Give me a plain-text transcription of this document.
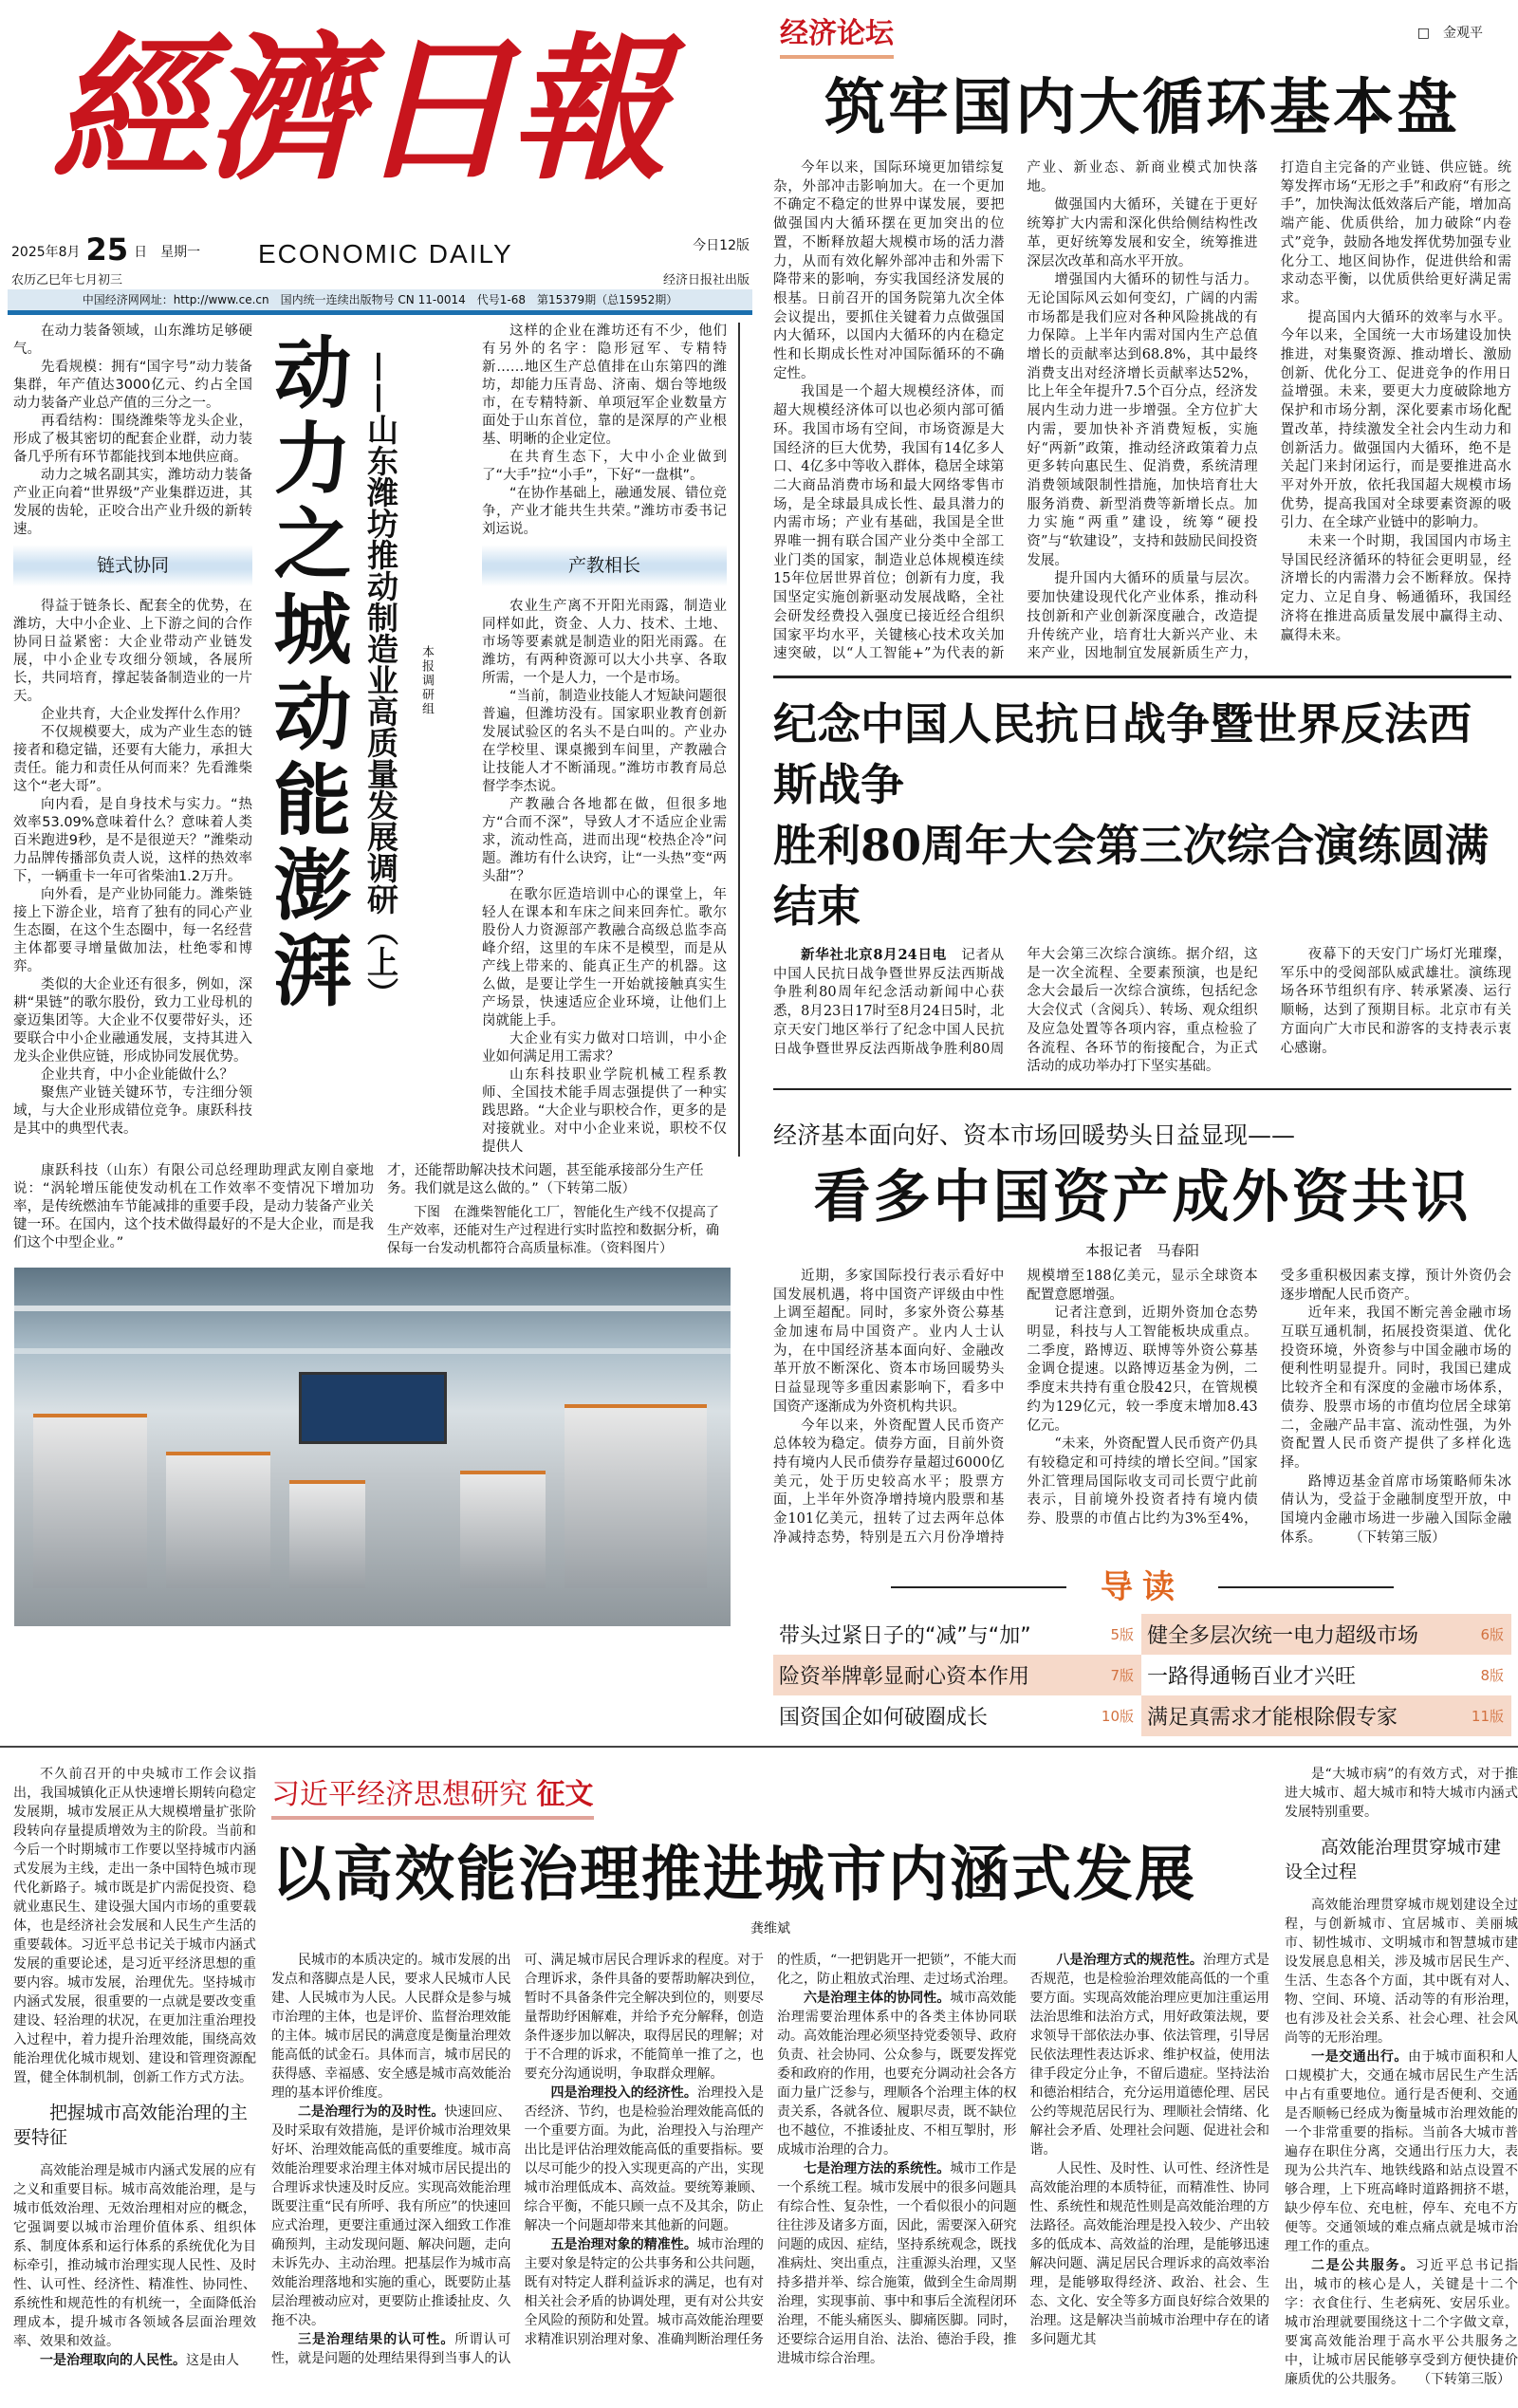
經濟日報
2025年8月 25 日　星期一
农历乙巳年七月初三
ECONOMIC DAILY	今日12版
经济日报社出版
中国经济网网址：http://www.ce.cn　国内统一连续出版物号 CN 11-0014　代号1-68　第15379期（总15952期）

在动力装备领域，山东潍坊足够硬气。

先看规模：拥有“国字号”动力装备集群，年产值达3000亿元、约占全国动力装备产业总产值的三分之一。

再看结构：围绕潍柴等龙头企业，形成了极其密切的配套企业群，动力装备几乎所有环节都能找到本地供应商。

动力之城名副其实，潍坊动力装备产业正向着“世界级”产业集群迈进，其发展的齿轮，正咬合出产业升级的新转速。

链式协同

得益于链条长、配套全的优势，在潍坊，大中小企业、上下游之间的合作协同日益紧密：大企业带动产业链发展，中小企业专攻细分领域，各展所长，共同培育，撑起装备制造业的一片天。

企业共育，大企业发挥什么作用？

不仅规模要大，成为产业生态的链接者和稳定锚，还要有大能力，承担大责任。能力和责任从何而来？先看潍柴这个“老大哥”。

向内看，是自身技术与实力。“热效率53.09%意味着什么？意味着人类百米跑进9秒，是不是很逆天？”潍柴动力品牌传播部负责人说，这样的热效率下，一辆重卡一年可省柴油1.2万升。

向外看，是产业协同能力。潍柴链接上下游企业，培育了独有的同心产业生态圈，在这个生态圈中，每一名经营主体都要寻增量做加法，杜绝零和博弈。

类似的大企业还有很多，例如，深耕“果链”的歌尔股份，致力工业母机的豪迈集团等。大企业不仅要带好头，还要联合中小企业融通发展，支持其进入龙头企业供应链，形成协同发展优势。

企业共育，中小企业能做什么？

聚焦产业链关键环节，专注细分领域，与大企业形成错位竞争。康跃科技是其中的典型代表。

动力之城动能澎湃 ——山东潍坊推动制造业高质量发展调研（上） 本报调研组

这样的企业在潍坊还有不少，他们有另外的名字：隐形冠军、专精特新……地区生产总值排在山东第四的潍坊，却能力压青岛、济南、烟台等地级市，在专精特新、单项冠军企业数量方面处于山东首位，靠的是深厚的产业根基、明晰的企业定位。

在共育生态下，大中小企业做到了“大手”拉“小手”，下好“一盘棋”。

“在协作基础上，融通发展、错位竞争，产业才能共生共荣。”潍坊市委书记刘运说。

产教相长

农业生产离不开阳光雨露，制造业同样如此，资金、人力、技术、土地、市场等要素就是制造业的阳光雨露。在潍坊，有两种资源可以大小共享、各取所需，一个是人力，一个是市场。

“当前，制造业技能人才短缺问题很普遍，但潍坊没有。国家职业教育创新发展试验区的名头不是白叫的。产业办在学校里、课桌搬到车间里，产教融合让技能人才不断涌现。”潍坊市教育局总督学李杰说。

产教融合各地都在做，但很多地方“合而不深”，导致人才不适应企业需求，流动性高，进而出现“校热企冷”问题。潍坊有什么诀窍，让“一头热”变“两头甜”？

在歌尔匠造培训中心的课堂上，年轻人在课本和车床之间来回奔忙。歌尔股份人力资源部产教融合高级总监李高峰介绍，这里的车床不是模型，而是从产线上带来的、能真正生产的机器。这么做，是要让学生一开始就接触真实生产场景，快速适应企业环境，让他们上岗就能上手。

大企业有实力做对口培训，中小企业如何满足用工需求？

山东科技职业学院机械工程系教师、全国技术能手周志强提供了一种实践思路。“大企业与职校合作，更多的是对接就业。对中小企业来说，职校不仅提供人

康跃科技（山东）有限公司总经理助理武友刚自豪地说：“涡轮增压能使发动机在工作效率不变情况下增加功率，是传统燃油车节能减排的重要手段，是动力装备产业关键一环。在国内，这个技术做得最好的不是大企业，而是我们这个中型企业。”

才，还能帮助解决技术问题，甚至能承接部分生产任务。我们就是这么做的。” （下转第二版）
下图　 在潍柴智能化工厂，智能化生产线不仅提高了生产效率，还能对生产过程进行实时监控和数据分析，确保每一台发动机都符合高质量标准。（资料图片）
经济论坛	□　金观平
筑牢国内大循环基本盘

今年以来，国际环境更加错综复杂，外部冲击影响加大。在一个更加不确定不稳定的世界中谋发展，要把做强国内大循环摆在更加突出的位置，不断释放超大规模市场的活力潜力，从而有效化解外部冲击和外需下降带来的影响，夯实我国经济发展的根基。日前召开的国务院第九次全体会议提出，要抓住关键着力点做强国内大循环，以国内大循环的内在稳定性和长期成长性对冲国际循环的不确定性。

我国是一个超大规模经济体，而超大规模经济体可以也必须内部可循环。我国市场有空间，市场资源是大国经济的巨大优势，我国有14亿多人口、4亿多中等收入群体，稳居全球第二大商品消费市场和最大网络零售市场，是全球最具成长性、最具潜力的内需市场；产业有基础，我国是全世界唯一拥有联合国产业分类中全部工业门类的国家，制造业总体规模连续15年位居世界首位；创新有力度，我国坚定实施创新驱动发展战略，全社会研发经费投入强度已接近经合组织国家平均水平，关键核心技术攻关加速突破，以“人工智能+”为代表的新产业、新业态、新商业模式加快落地。

做强国内大循环，关键在于更好统筹扩大内需和深化供给侧结构性改革，更好统筹发展和安全，统筹推进深层次改革和高水平开放。

增强国内大循环的韧性与活力。无论国际风云如何变幻，广阔的内需市场都是我们应对各种风险挑战的有力保障。上半年内需对国内生产总值增长的贡献率达到68.8%，其中最终消费支出对经济增长贡献率达52%，比上年全年提升7.5个百分点，经济发展内生动力进一步增强。全方位扩大内需，要加快补齐消费短板，实施好“两新”政策，推动经济政策着力点更多转向惠民生、促消费，系统清理消费领域限制性措施，加快培育壮大服务消费、新型消费等新增长点。加力实施“两重”建设，统筹“硬投资”与“软建设”，支持和鼓励民间投资发展。

提升国内大循环的质量与层次。要加快建设现代化产业体系，推动科技创新和产业创新深度融合，改造提升传统产业，培育壮大新兴产业、未来产业，因地制宜发展新质生产力，打造自主完备的产业链、供应链。统筹发挥市场“无形之手”和政府“有形之手”，加快淘汰低效落后产能，增加高端产能、优质供给，加力破除“内卷式”竞争，鼓励各地发挥优势加强专业化分工、地区间协作，促进供给和需求动态平衡，以优质供给更好满足需求。

提高国内大循环的效率与水平。今年以来，全国统一大市场建设加快推进，对集聚资源、推动增长、激励创新、优化分工、促进竞争的作用日益增强。未来，要更大力度破除地方保护和市场分割，深化要素市场化配置改革，持续激发全社会内生动力和创新活力。做强国内大循环，绝不是关起门来封闭运行，而是要推进高水平对外开放，依托我国超大规模市场优势，提高我国对全球要素资源的吸引力、在全球产业链中的影响力。

未来一个时期，我国国内市场主导国民经济循环的特征会更明显，经济增长的内需潜力会不断释放。保持定力、立足自身、畅通循环，我国经济将在推进高质量发展中赢得主动、赢得未来。

纪念中国人民抗日战争暨世界反法西斯战争
胜利80周年大会第三次综合演练圆满结束

新华社北京8月24日电　记者从中国人民抗日战争暨世界反法西斯战争胜利80周年纪念活动新闻中心获悉，8月23日17时至8月24日5时，北京天安门地区举行了纪念中国人民抗日战争暨世界反法西斯战争胜利80周年大会第三次综合演练。据介绍，这是一次全流程、全要素预演，也是纪念大会最后一次综合演练，包括纪念大会仪式（含阅兵）、转场、观众组织及应急处置等各项内容，重点检验了各流程、各环节的衔接配合，为正式活动的成功举办打下坚实基础。

夜幕下的天安门广场灯光璀璨，军乐中的受阅部队威武雄壮。演练现场各环节组织有序、转承紧凑、运行顺畅，达到了预期目标。北京市有关方面向广大市民和游客的支持表示衷心感谢。

经济基本面向好、资本市场回暖势头日益显现——
看多中国资产成外资共识
本报记者　马春阳

近期，多家国际投行表示看好中国发展机遇，将中国资产评级由中性上调至超配。同时，多家外资公募基金加速布局中国资产。业内人士认为，在中国经济基本面向好、金融改革开放不断深化、资本市场回暖势头日益显现等多重因素影响下，看多中国资产逐渐成为外资机构共识。

今年以来，外资配置人民币资产总体较为稳定。债券方面，目前外资持有境内人民币债券存量超过6000亿美元，处于历史较高水平；股票方面，上半年外资净增持境内股票和基金101亿美元，扭转了过去两年总体净减持态势，特别是五六月份净增持规模增至188亿美元，显示全球资本配置意愿增强。

记者注意到，近期外资加仓态势明显，科技与人工智能板块成重点。二季度，路博迈、联博等外资公募基金调仓提速。以路博迈基金为例，二季度末共持有重仓股42只，在管规模约为129亿元，较一季度末增加8.43亿元。

“未来，外资配置人民币资产仍具有较稳定和可持续的增长空间。”国家外汇管理局国际收支司司长贾宁此前表示，目前境外投资者持有境内债券、股票的市值占比约为3%至4%，受多重积极因素支撑，预计外资仍会逐步增配人民币资产。

近年来，我国不断完善金融市场互联互通机制，拓展投资渠道、优化投资环境，外资参与中国金融市场的便利性明显提升。同时，我国已建成比较齐全和有深度的金融市场体系，债券、股票市场的市值均位居全球第二，金融产品丰富、流动性强，为外资配置人民币资产提供了多样化选择。

路博迈基金首席市场策略师朱冰倩认为，受益于金融制度型开放，中国境内金融市场进一步融入国际金融体系。　　　（下转第三版）

导读
带头过紧日子的“减”与“加”	5版 健全多层次统一电力超级市场	6版
险资举牌彰显耐心资本作用	7版 一路得通畅百业才兴旺	8版
国资国企如何破圈成长	10版 满足真需求才能根除假专家	11版

不久前召开的中央城市工作会议指出，我国城镇化正从快速增长期转向稳定发展期，城市发展正从大规模增量扩张阶段转向存量提质增效为主的阶段。当前和今后一个时期城市工作要以坚持城市内涵式发展为主线，走出一条中国特色城市现代化新路子。城市既是扩内需促投资、稳就业惠民生、建设强大国内市场的重要载体，也是经济社会发展和人民生产生活的重要载体。习近平总书记关于城市内涵式发展的重要论述，是习近平经济思想的重要内容。城市发展，治理优先。坚持城市内涵式发展，很重要的一点就是要改变重建设、轻治理的状况，在更加注重治理投入过程中，着力提升治理效能，围绕高效能治理优化城市规划、建设和管理资源配置，健全体制机制，创新工作方式方法。

把握城市高效能治理的主要特征

高效能治理是城市内涵式发展的应有之义和重要目标。城市高效能治理，是与城市低效治理、无效治理相对应的概念，它强调要以城市治理价值体系、组织体系、制度体系和运行体系的系统优化为目标牵引，推动城市治理实现人民性、及时性、认可性、经济性、精准性、协同性、系统性和规范性的有机统一，全面降低治理成本，提升城市各领域各层面治理效率、效果和效益。

一是治理取向的人民性。这是由人

习近平经济思想研究 征文
以高效能治理推进城市内涵式发展
龚维斌

民城市的本质决定的。城市发展的出发点和落脚点是人民，要求人民城市人民建、人民城市为人民。人民群众是参与城市治理的主体，也是评价、监督治理效能的主体。城市居民的满意度是衡量治理效能高低的试金石。具体而言，城市居民的获得感、幸福感、安全感是城市高效能治理的基本评价维度。

二是治理行为的及时性。快速回应、及时采取有效措施，是评价城市治理效果好坏、治理效能高低的重要维度。城市高效能治理要求治理主体对城市居民提出的合理诉求快速及时反应。实现高效能治理既要注重“民有所呼、我有所应”的快速回应式治理，更要注重通过深入细致工作准确预判，主动发现问题、解决问题，走向未诉先办、主动治理。把基层作为城市高效能治理落地和实施的重心，既要防止基层治理被动应对，更要防止推诿扯皮、久拖不决。

三是治理结果的认可性。所谓认可性，就是问题的处理结果得到当事人的认可、满足城市居民合理诉求的程度。对于合理诉求，条件具备的要帮助解决到位，暂时不具备条件完全解决到位的，则要尽量帮助纾困解难，并给予充分解释，创造条件逐步加以解决，取得居民的理解；对于不合理的诉求，不能简单一推了之，也要充分沟通说明，争取群众理解。

四是治理投入的经济性。治理投入是否经济、节约，也是检验治理效能高低的一个重要方面。为此，治理投入与治理产出比是评估治理效能高低的重要指标。要以尽可能少的投入实现更高的产出，实现城市治理低成本、高效益。要统筹兼顾、综合平衡，不能只顾一点不及其余，防止解决一个问题却带来其他新的问题。

五是治理对象的精准性。城市治理的主要对象是特定的公共事务和公共问题，既有对特定人群利益诉求的满足，也有对相关社会矛盾的协调处理，更有对公共安全风险的预防和处置。城市高效能治理要求精准识别治理对象、准确判断治理任务的性质，“一把钥匙开一把锁”，不能大而化之，防止粗放式治理、走过场式治理。

六是治理主体的协同性。城市高效能治理需要治理体系中的各类主体协同联动。高效能治理必须坚持党委领导、政府负责、社会协同、公众参与，既要发挥党委和政府的作用，也要充分调动社会各方面力量广泛参与，理顺各个治理主体的权责关系，各就各位、履职尽责，既不缺位也不越位，不推诿扯皮、不相互掣肘，形成城市治理的合力。

七是治理方法的系统性。城市工作是一个系统工程。城市发展中的很多问题具有综合性、复杂性，一个看似很小的问题往往涉及诸多方面，因此，需要深入研究问题的成因、症结，坚持系统观念，既找准病灶、突出重点，注重源头治理，又坚持多措并举、综合施策，做到全生命周期治理，实现事前、事中和事后全流程闭环治理，不能头痛医头、脚痛医脚。同时，还要综合运用自治、法治、德治手段，推进城市综合治理。

八是治理方式的规范性。治理方式是否规范，也是检验治理效能高低的一个重要方面。实现高效能治理应更加注重运用法治思维和法治方式，用好政策法规，要求领导干部依法办事、依法管理，引导居民依法理性表达诉求、维护权益，使用法律手段定分止争，不留后遗症。坚持法治和德治相结合，充分运用道德伦理、居民公约等规范居民行为、理顺社会情绪、化解社会矛盾、处理社会问题、促进社会和谐。

人民性、及时性、认可性、经济性是高效能治理的本质特征，而精准性、协同性、系统性和规范性则是高效能治理的方法路径。高效能治理是投入较少、产出较多的低成本、高效益的治理，是能够迅速解决问题、满足居民合理诉求的高效率治理，是能够取得经济、政治、社会、生态、文化、安全等多方面良好综合效果的治理。这是解决当前城市治理中存在的诸多问题尤其

是“大城市病”的有效方式，对于推进大城市、超大城市和特大城市内涵式发展特别重要。

高效能治理贯穿城市建设全过程

高效能治理贯穿城市规划建设全过程，与创新城市、宜居城市、美丽城市、韧性城市、文明城市和智慧城市建设发展息息相关，涉及城市居民生产、生活、生态各个方面，其中既有对人、物、空间、环境、活动等的有形治理，也有涉及社会关系、社会心理、社会风尚等的无形治理。

一是交通出行。由于城市面积和人口规模扩大，交通在城市居民生产生活中占有重要地位。通行是否便利、交通是否顺畅已经成为衡量城市治理效能的一个非常重要的指标。当前各大城市普遍存在职住分离，交通出行压力大，表现为公共汽车、地铁线路和站点设置不够合理，上下班高峰时道路拥挤不堪，缺少停车位、充电桩，停车、充电不方便等。交通领域的难点痛点就是城市治理工作的重点。

二是公共服务。习近平总书记指出，城市的核心是人，关键是十二个字：衣食住行、生老病死、安居乐业。城市治理就要围绕这十二个字做文章，要寓高效能治理于高水平公共服务之中，让城市居民能够享受到方便快捷价廉质优的公共服务。　　（下转第三版）
